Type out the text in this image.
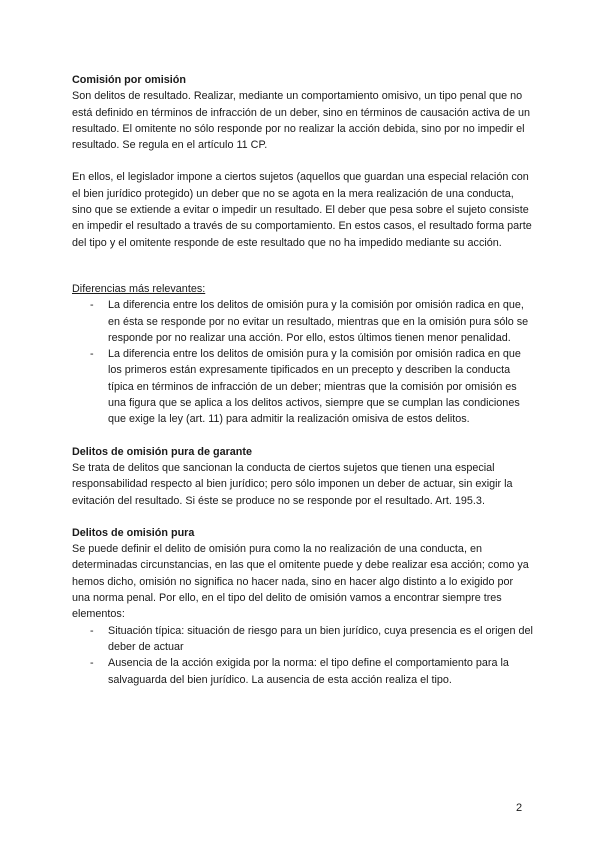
Comisión por omisión

Son delitos de resultado. Realizar, mediante un comportamiento omisivo, un tipo penal que no está definido en términos de infracción de un deber, sino en términos de causación activa de un resultado. El omitente no sólo responde por no realizar la acción debida, sino por no impedir el resultado. Se regula en el artículo 11 CP.

En ellos, el legislador impone a ciertos sujetos (aquellos que guardan una especial relación con el bien jurídico protegido) un deber que no se agota en la mera realización de una conducta, sino que se extiende a evitar o impedir un resultado. El deber que pesa sobre el sujeto consiste en impedir el resultado a través de su comportamiento. En estos casos, el resultado forma parte del tipo y el omitente responde de este resultado que no ha impedido mediante su acción.

Diferencias más relevantes:

- La diferencia entre los delitos de omisión pura y la comisión por omisión radica en que, en ésta se responde por no evitar un resultado, mientras que en la omisión pura sólo se responde por no realizar una acción. Por ello, estos últimos tienen menor penalidad.
- La diferencia entre los delitos de omisión pura y la comisión por omisión radica en que los primeros están expresamente tipificados en un precepto y describen la conducta típica en términos de infracción de un deber; mientras que la comisión por omisión es una figura que se aplica a los delitos activos, siempre que se cumplan las condiciones que exige la ley (art. 11) para admitir la realización omisiva de estos delitos.

Delitos de omisión pura de garante

Se trata de delitos que sancionan la conducta de ciertos sujetos que tienen una especial responsabilidad respecto al bien jurídico; pero sólo imponen un deber de actuar, sin exigir la evitación del resultado. Si éste se produce no se responde por el resultado. Art. 195.3.

Delitos de omisión pura

Se puede definir el delito de omisión pura como la no realización de una conducta, en determinadas circunstancias, en las que el omitente puede y debe realizar esa acción; como ya hemos dicho, omisión no significa no hacer nada, sino en hacer algo distinto a lo exigido por una norma penal. Por ello, en el tipo del delito de omisión vamos a encontrar siempre tres elementos:

- Situación típica: situación de riesgo para un bien jurídico, cuya presencia es el origen del deber de actuar
- Ausencia de la acción exigida por la norma: el tipo define el comportamiento para la salvaguarda del bien jurídico. La ausencia de esta acción realiza el tipo.
2
